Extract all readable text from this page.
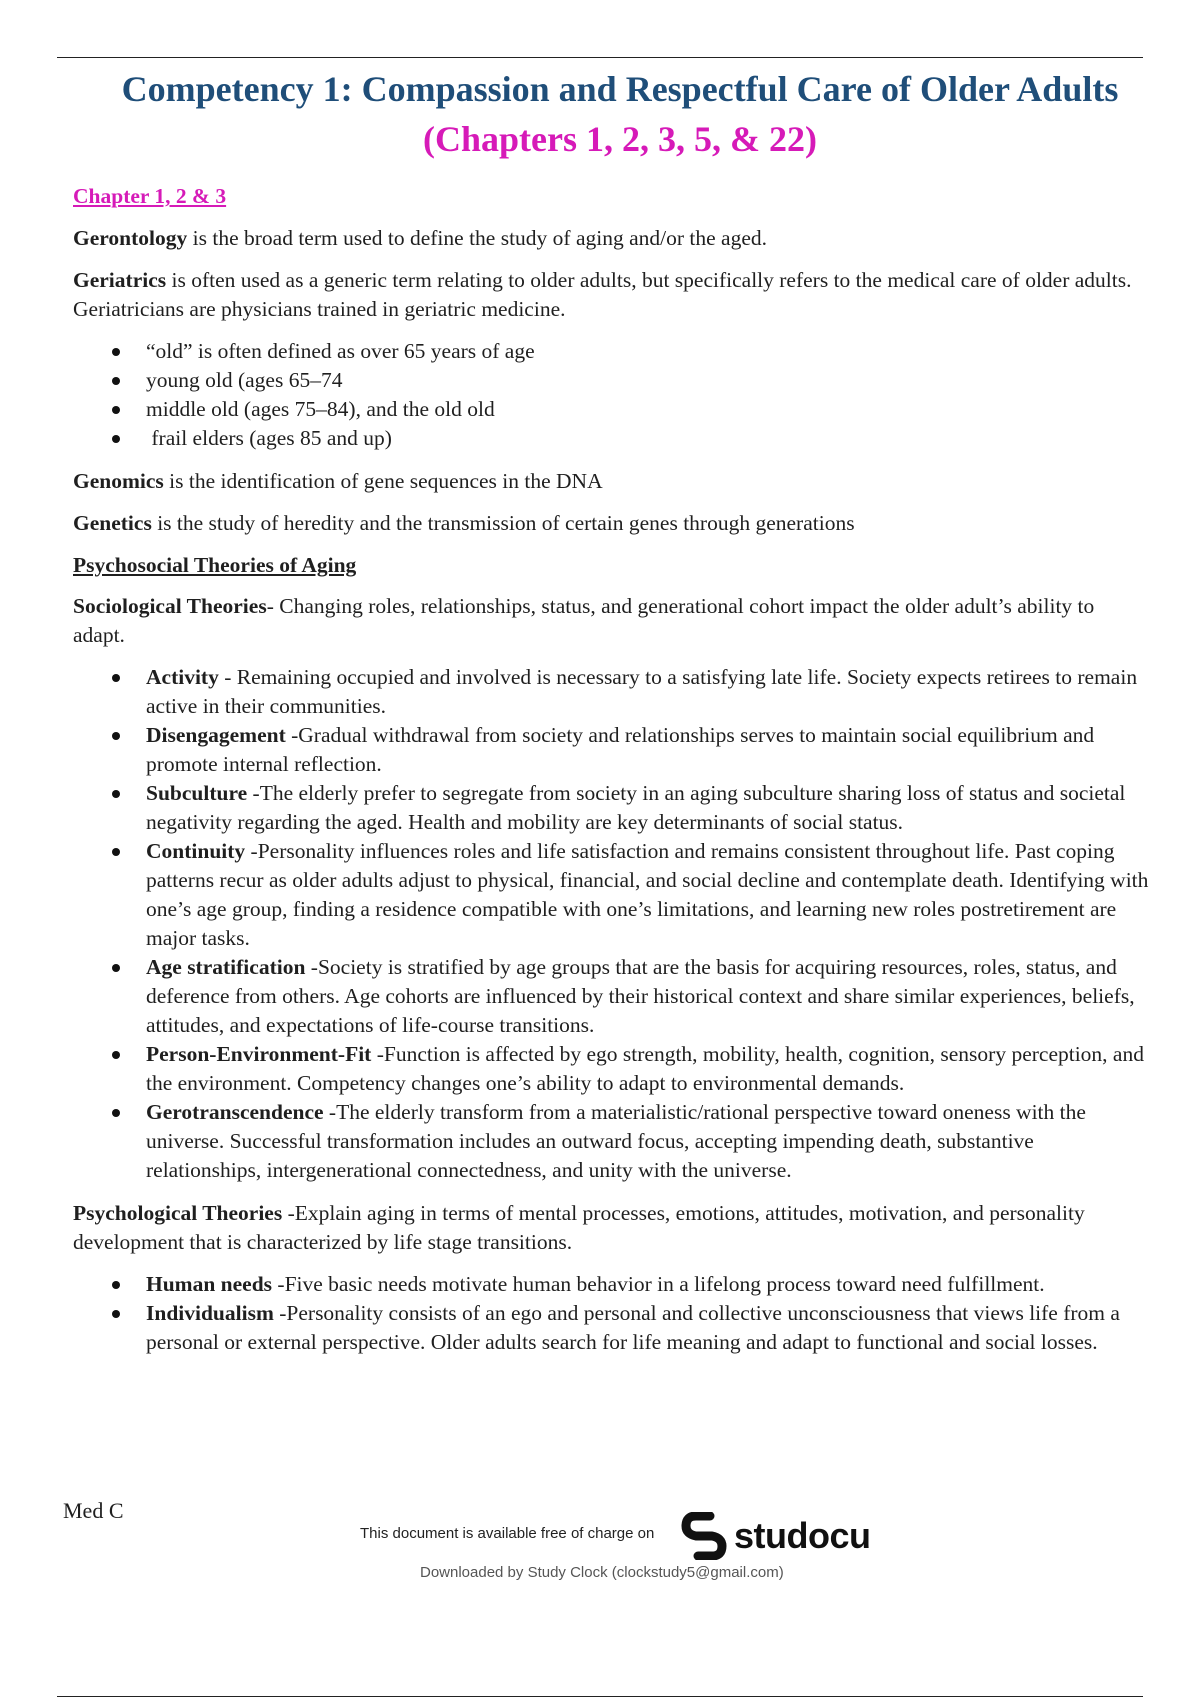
Competency 1: Compassion and Respectful Care of Older Adults
(Chapters 1, 2, 3, 5, & 22)
Chapter 1, 2 & 3

Gerontology is the broad term used to define the study of aging and/or the aged.

Geriatrics is often used as a generic term relating to older adults, but specifically refers to the medical care of older adults. Geriatricians are physicians trained in geriatric medicine.

“old” is often defined as over 65 years of age
young old (ages 65–74
middle old (ages 75–84), and the old old
frail elders (ages 85 and up)

Genomics is the identification of gene sequences in the DNA

Genetics is the study of heredity and the transmission of certain genes through generations

Psychosocial Theories of Aging

Sociological Theories- Changing roles, relationships, status, and generational cohort impact the older adult’s ability to adapt.

Activity - Remaining occupied and involved is necessary to a satisfying late life. Society expects retirees to remain active in their communities.
Disengagement -Gradual withdrawal from society and relationships serves to maintain social equilibrium and promote internal reflection.
Subculture -The elderly prefer to segregate from society in an aging subculture sharing loss of status and societal negativity regarding the aged. Health and mobility are key determinants of social status.
Continuity -Personality influences roles and life satisfaction and remains consistent throughout life. Past coping patterns recur as older adults adjust to physical, financial, and social decline and contemplate death. Identifying with one’s age group, finding a residence compatible with one’s limitations, and learning new roles postretirement are major tasks.
Age stratification -Society is stratified by age groups that are the basis for acquiring resources, roles, status, and deference from others. Age cohorts are influenced by their historical context and share similar experiences, beliefs, attitudes, and expectations of life-course transitions.
Person-Environment-Fit -Function is affected by ego strength, mobility, health, cognition, sensory perception, and the environment. Competency changes one’s ability to adapt to environmental demands.
Gerotranscendence -The elderly transform from a materialistic/rational perspective toward oneness with the universe. Successful transformation includes an outward focus, accepting impending death, substantive relationships, intergenerational connectedness, and unity with the universe.

Psychological Theories -Explain aging in terms of mental processes, emotions, attitudes, motivation, and personality development that is characterized by life stage transitions.

Human needs -Five basic needs motivate human behavior in a lifelong process toward need fulfillment.
Individualism -Personality consists of an ego and personal and collective unconsciousness that views life from a personal or external perspective. Older adults search for life meaning and adapt to functional and social losses.
Med C
This document is available free of charge on studocu
Downloaded by Study Clock (clockstudy5@gmail.com)
